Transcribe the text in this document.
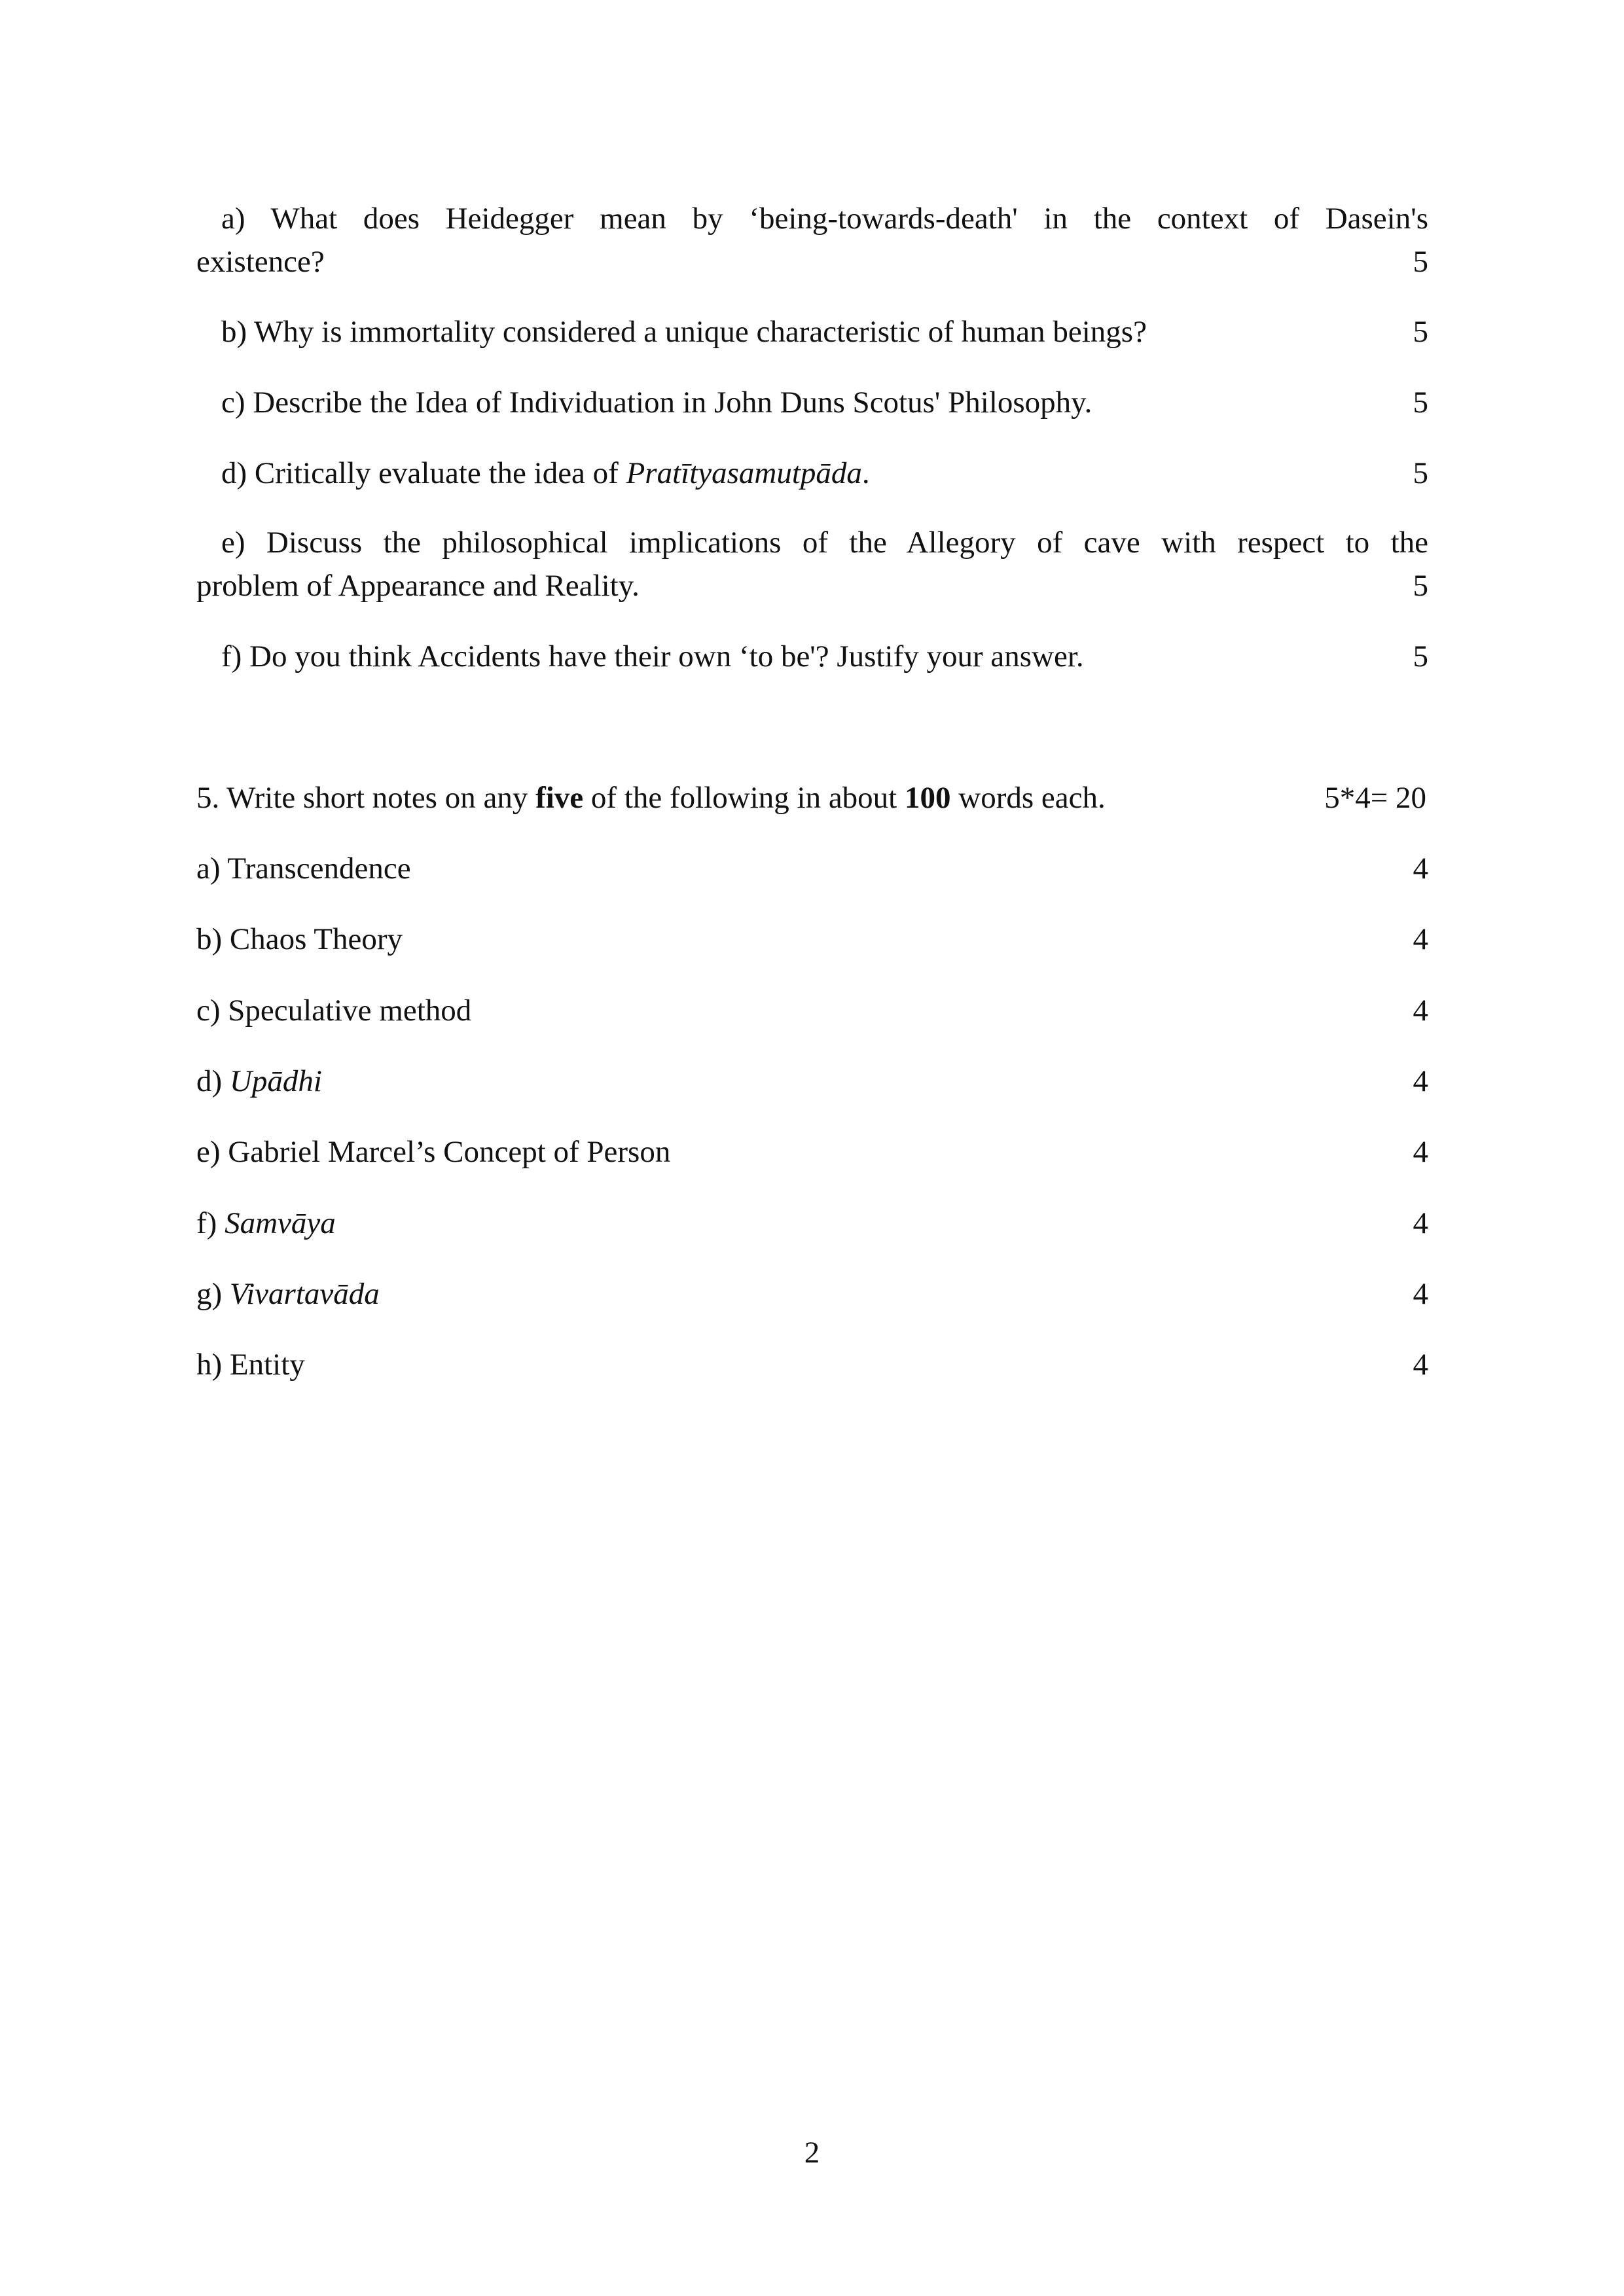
a) What does Heidegger mean by ‘being-towards-death' in the context of Dasein's
existence?	5
b) Why is immortality considered a unique characteristic of human beings?	5
c) Describe the Idea of Individuation in John Duns Scotus' Philosophy.	5
d) Critically evaluate the idea of Pratītyasamutpāda.	5
e) Discuss the philosophical implications of the Allegory of cave with respect to the
problem of Appearance and Reality.	5
f) Do you think Accidents have their own ‘to be'? Justify your answer.	5
5. Write short notes on any five of the following in about 100 words each.	5*4= 20
a) Transcendence	4
b) Chaos Theory	4
c) Speculative method	4
d) Upādhi	4
e) Gabriel Marcel’s Concept of Person	4
f) Samvāya	4
g) Vivartavāda	4
h) Entity	4
2
